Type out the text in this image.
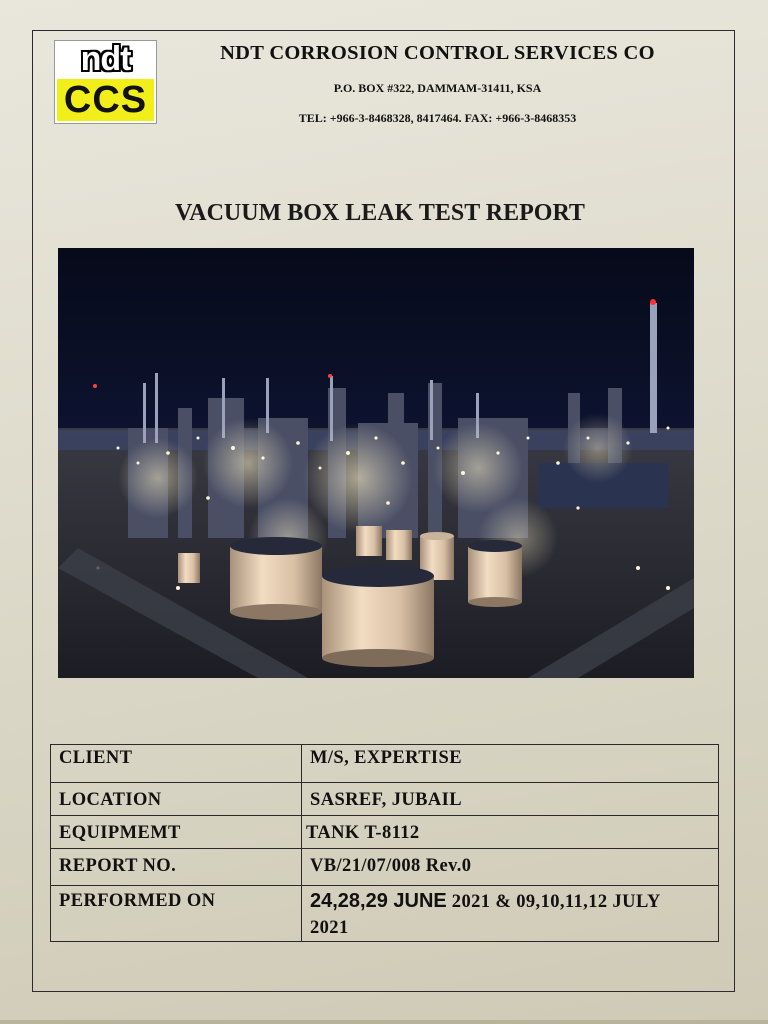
ndt
CCS
NDT CORROSION CONTROL SERVICES CO
P.O. BOX #322, DAMMAM-31411, KSA
TEL: +966-3-8468328, 8417464. FAX: +966-3-8468353
VACUUM BOX LEAK TEST REPORT
CLIENT	M/S, EXPERTISE
LOCATION	SASREF, JUBAIL
EQUIPMEMT	TANK T-8112
REPORT NO.	VB/21/07/008 Rev.0
PERFORMED ON	24,28,29 JUNE 2021 & 09,10,11,12 JULY 2021
